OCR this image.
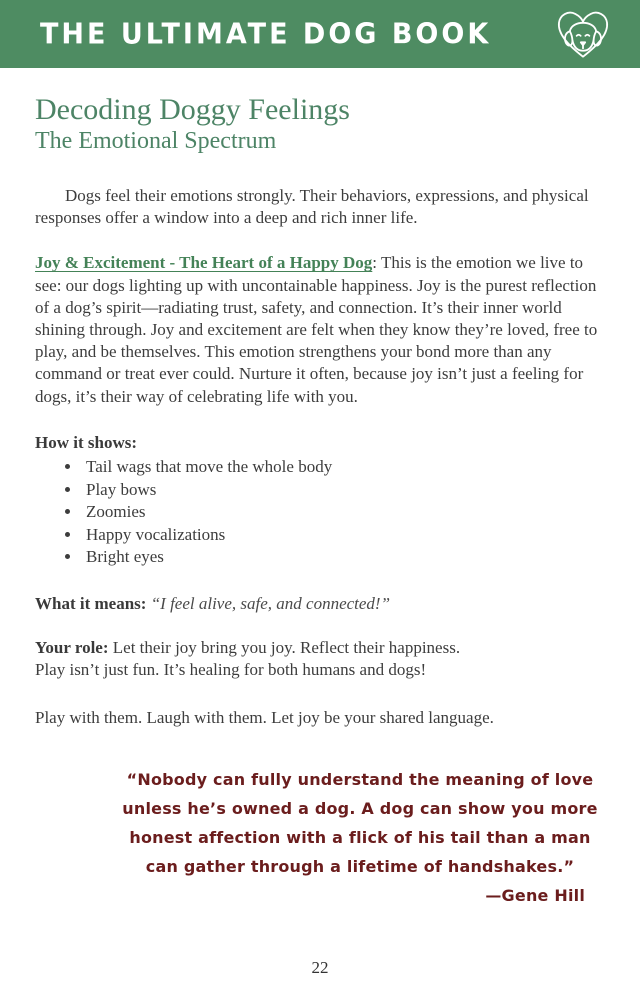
THE ULTIMATE DOG BOOK
Decoding Doggy Feelings
The Emotional Spectrum

Dogs feel their emotions strongly. Their behaviors, expressions, and physical responses offer a window into a deep and rich inner life.

Joy & Excitement - The Heart of a Happy Dog: This is the emotion we live to see: our dogs lighting up with uncontainable happiness. Joy is the purest reflection of a dog’s spirit—radiating trust, safety, and connection. It’s their inner world shining through. Joy and excitement are felt when they know they’re loved, free to play, and be themselves. This emotion strengthens your bond more than any command or treat ever could. Nurture it often, because joy isn’t just a feeling for dogs, it’s their way of celebrating life with you.

How it shows:
• Tail wags that move the whole body
• Play bows
• Zoomies
• Happy vocalizations
• Bright eyes

What it means: “I feel alive, safe, and connected!”

Your role: Let their joy bring you joy. Reflect their happiness.
Play isn’t just fun. It’s healing for both humans and dogs!

Play with them. Laugh with them. Let joy be your shared language.

“Nobody can fully understand the meaning of love
unless he’s owned a dog. A dog can show you more
honest affection with a flick of his tail than a man
can gather through a lifetime of handshakes.”
—Gene Hill
22
